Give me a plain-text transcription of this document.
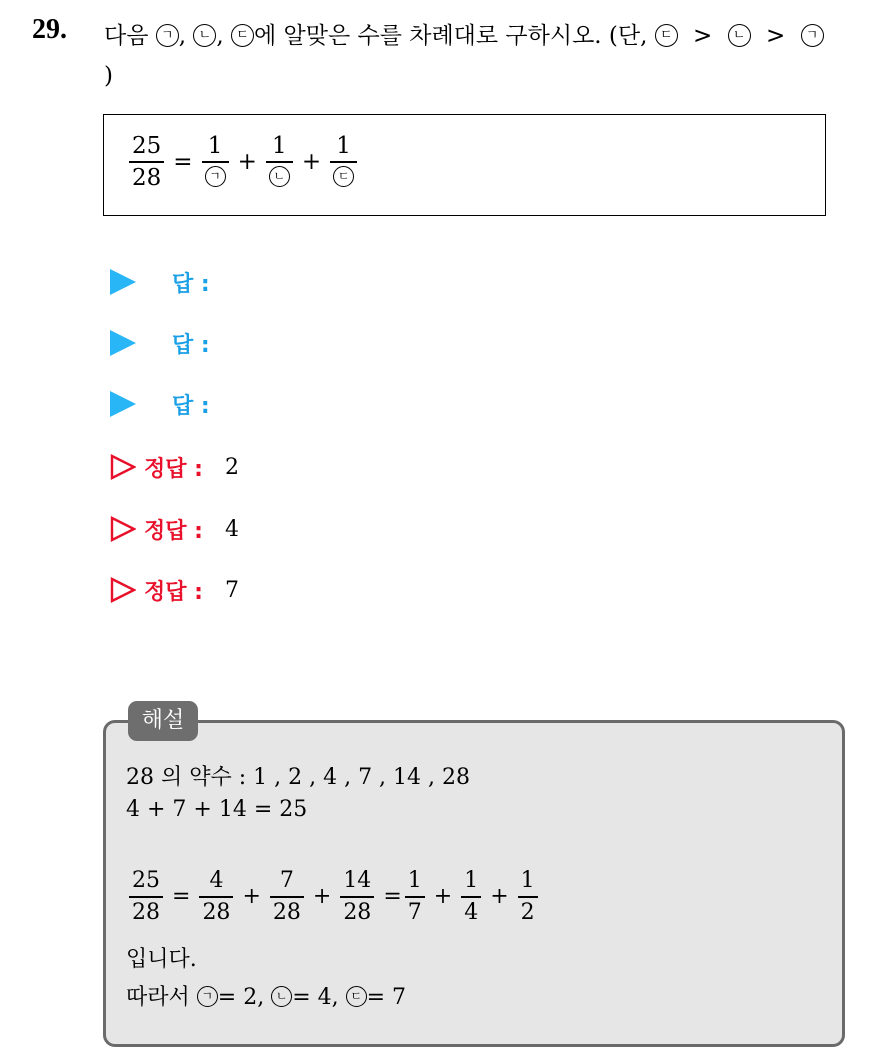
29. 다음 ㄱ , ㄴ , ㄷ 에 알맞은 수를 차례대로 구하시오. (단, ㄷ > ㄴ > ㄱ
)
$\frac{25}{28} = \frac{1}{\text{ㄱ}} + \frac{1}{\text{ㄴ}} + \frac{1}{\text{ㄷ}}$
답 :
답 :
답 :
정답 : 2
정답 : 4
정답 : 7
해설
28 의 약수 : 1 , 2 , 4 , 7 , 14 , 28
4 + 7 + 14 = 25
$\frac{25}{28} = \frac{4}{28} + \frac{7}{28} + \frac{14}{28} = \frac{1}{7} + \frac{1}{4} + \frac{1}{2}$
입니다.
따라서 ㄱ = 2, ㄴ = 4, ㄷ = 7
